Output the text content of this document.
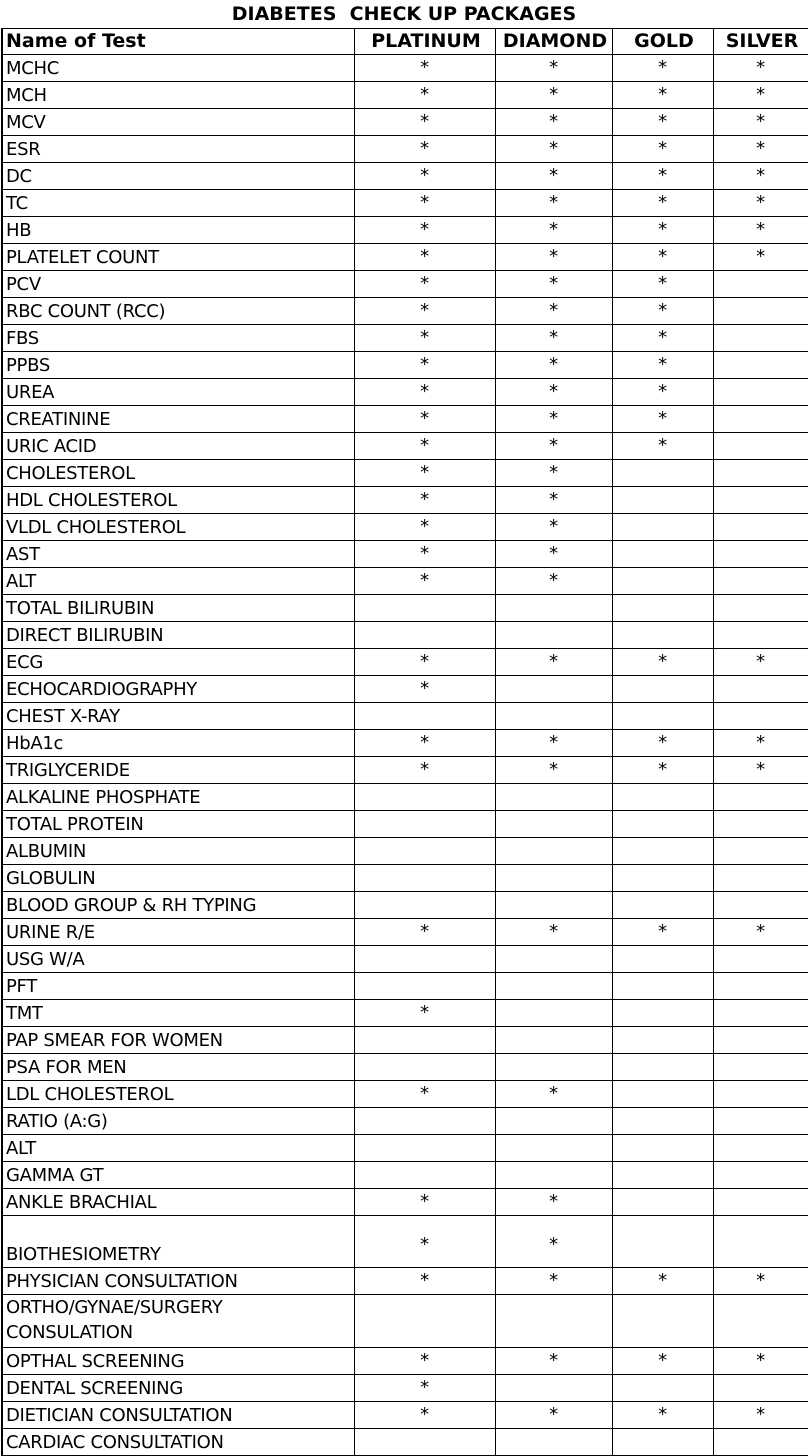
DIABETES  CHECK UP PACKAGES
Name of Test	PLATINUM	DIAMOND	GOLD	SILVER
MCHC	*	*	*	*
MCH	*	*	*	*
MCV	*	*	*	*
ESR	*	*	*	*
DC	*	*	*	*
TC	*	*	*	*
HB	*	*	*	*
PLATELET COUNT	*	*	*	*
PCV	*	*	*	
RBC COUNT (RCC)	*	*	*	
FBS	*	*	*	
PPBS	*	*	*	
UREA	*	*	*	
CREATININE	*	*	*	
URIC ACID	*	*	*	
CHOLESTEROL	*	*		
HDL CHOLESTEROL	*	*		
VLDL CHOLESTEROL	*	*		
AST	*	*		
ALT	*	*		
TOTAL BILIRUBIN				
DIRECT BILIRUBIN				
ECG	*	*	*	*
ECHOCARDIOGRAPHY	*			
CHEST X-RAY				
HbA1c	*	*	*	*
TRIGLYCERIDE	*	*	*	*
ALKALINE PHOSPHATE				
TOTAL PROTEIN				
ALBUMIN				
GLOBULIN				
BLOOD GROUP & RH TYPING				
URINE R/E	*	*	*	*
USG W/A				
PFT				
TMT	*			
PAP SMEAR FOR WOMEN				
PSA FOR MEN				
LDL CHOLESTEROL	*	*		
RATIO (A:G)				
ALT				
GAMMA GT				
ANKLE BRACHIAL	*	*		
BIOTHESIOMETRY	*	*		
PHYSICIAN CONSULTATION	*	*	*	*
ORTHO/GYNAE/SURGERY CONSULATION				
OPTHAL SCREENING	*	*	*	*
DENTAL SCREENING	*			
DIETICIAN CONSULTATION	*	*	*	*
CARDIAC CONSULTATION				
